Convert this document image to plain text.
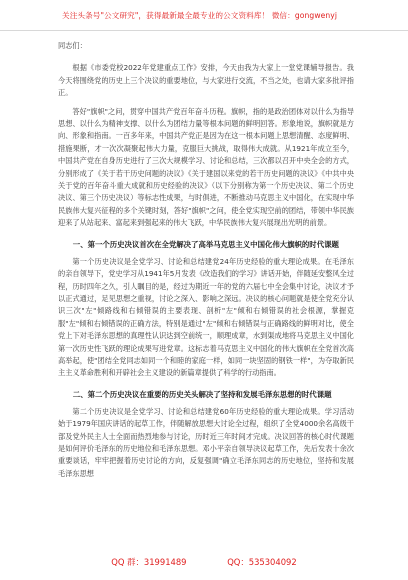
关注头条号"公文研究"，获得最新最全最专业的公文资料库！ 微信：gongwenyj

同志们：

根据《市委党校2022年党建重点工作》安排，今天由我为大家上一堂党课辅导报告。我今天将围绕党的历史上三个决议的重要地位，与大家进行交流，不当之处，也请大家多批评指正。

答好"旗帜"之问，贯穿中国共产党百年奋斗历程。旗帜，指的是政治团体对以什么为指导思想、以什么为精神支撑、以什么为团结力量等根本问题的鲜明回答。形象地说，旗帜就是方向、形象和指南。一百多年来，中国共产党正是因为在这一根本问题上思想清醒、态度鲜明、措施果断，才一次次凝聚起伟大力量，克服巨大挑战，取得伟大成就。从1921年成立至今，中国共产党在自身历史进行了三次大规模学习、讨论和总结，三次都以召开中央全会的方式，分别形成了《关于若干历史问题的决议》《关于建国以来党的若干历史问题的决议》《中共中央关于党的百年奋斗重大成就和历史经验的决议》（以下分别称为第一个历史决议、第二个历史决议、第三个历史决议）等标志性成果，与时俱进，不断推动马克思主义中国化，在实现中华民族伟大复兴征程的多个关键时刻，答好"旗帜"之问，使全党实现空前的团结，带领中华民族迎来了从站起来、富起来到强起来的伟大飞跃，中华民族伟大复兴展现出光明的前景。

一、第一个历史决议首次在全党解决了高举马克思主义中国化伟大旗帜的时代课题

第一个历史决议是全党学习、讨论和总结建党24年历史经验的重大理论成果。在毛泽东的亲自领导下，党史学习从1941年5月发表《改造我们的学习》讲话开始，伴随延安整风全过程，历时四年之久，引人瞩目的是，经过为期近一年的党的六届七中全会集中讨论，决议才予以正式通过，足见思想之重视，讨论之深入、影响之深远。决议的核心问题就是使全党充分认识三次"左"倾路线和右倾错误的主要表现、剖析"左"倾和右倾错误的社会根源，掌握克服"左"倾和右倾错误的正确方法，特别是通过"左"倾和右倾错误与正确路线的鲜明对比，使全党上下对毛泽东思想的真理性认识达到空前统一，顺理成章，水到渠成地将马克思主义中国化第一次历史性飞跃的理论成果写进党章。这标志着马克思主义中国化的伟大旗帜在全党首次高高举起，使"团结全党同志如同一个和睦的家庭一样，如同一块坚固的钢铁一样"，为夺取新民主主义革命胜利和开辟社会主义建设的新篇章提供了科学的行动指南。

二、第二个历史决议在重要的历史关头解决了坚持和发展毛泽东思想的时代课题

第二个历史决议是全党学习、讨论和总结建党60年历史经验的重大理论成果。学习活动始于1979年国庆讲话的起草工作，伴随解放思想大讨论全过程，组织了全党4000余名高级干部及党外民主人士全面而热烈地参与讨论，历时近三年时间才完成。决议回答的核心时代课题是如何评价毛泽东的历史地位和毛泽东思想。邓小平亲自领导决议起草工作，先后发表十余次重要谈话，牢牢把握着历史讨论的方向，反复强调"确立毛泽东同志的历史地位，坚持和发展毛泽东思想

QQ 群：31991489	QQ：535304092
